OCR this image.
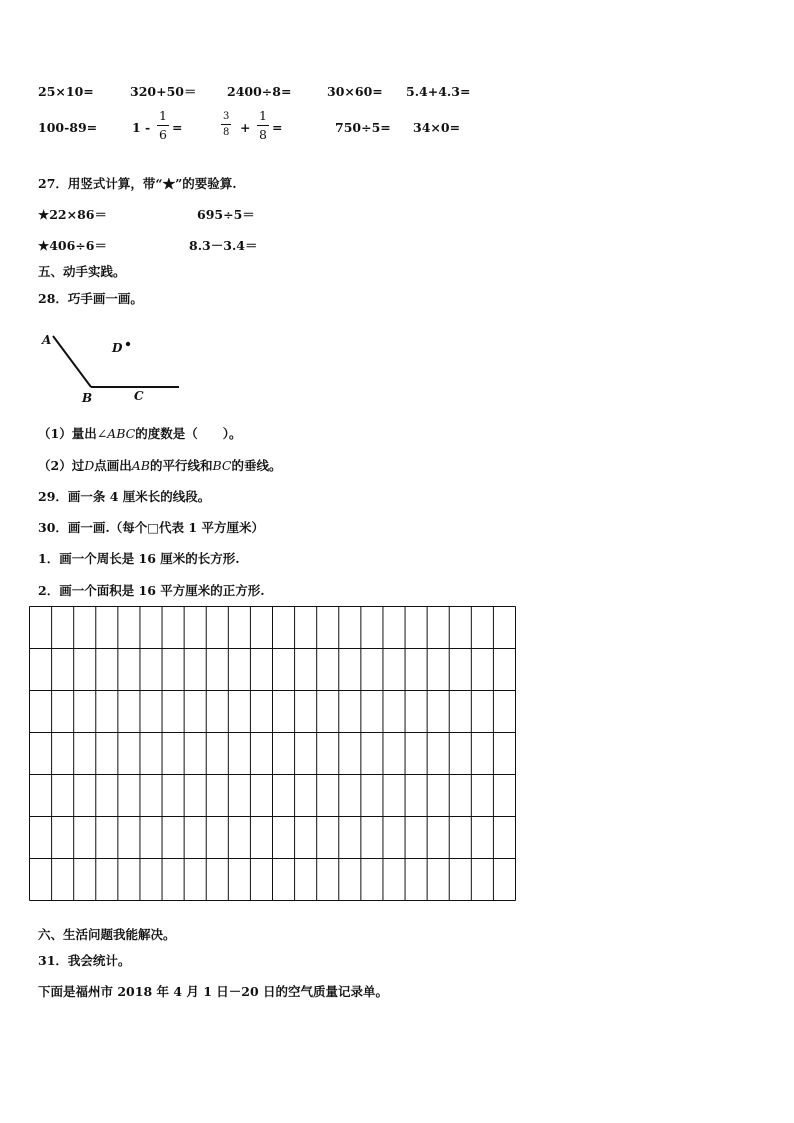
25×10=	320+50＝ 2400÷8=	30×60= 5.4+4.3=
100-89=	$1 - \frac{1}{6}$ =	$\frac{3}{8} + \frac{1}{8}$ =	750÷5= 34×0=
27．用竖式计算，带“★”的要验算.
★22×86＝	695÷5＝
★406÷6＝	8.3－3.4＝
五、动手实践。
28．巧手画一画。
A
D
B	C
（1）量出∠ABC的度数是（　　）。
（2）过D点画出AB的平行线和BC的垂线。
29．画一条 4 厘米长的线段。
30．画一画.（每个□代表 1 平方厘米）
1．画一个周长是 16 厘米的长方形.
2．画一个面积是 16 平方厘米的正方形.
六、生活问题我能解决。
31．我会统计。
下面是福州市 2018 年 4 月 1 日－20 日的空气质量记录单。
